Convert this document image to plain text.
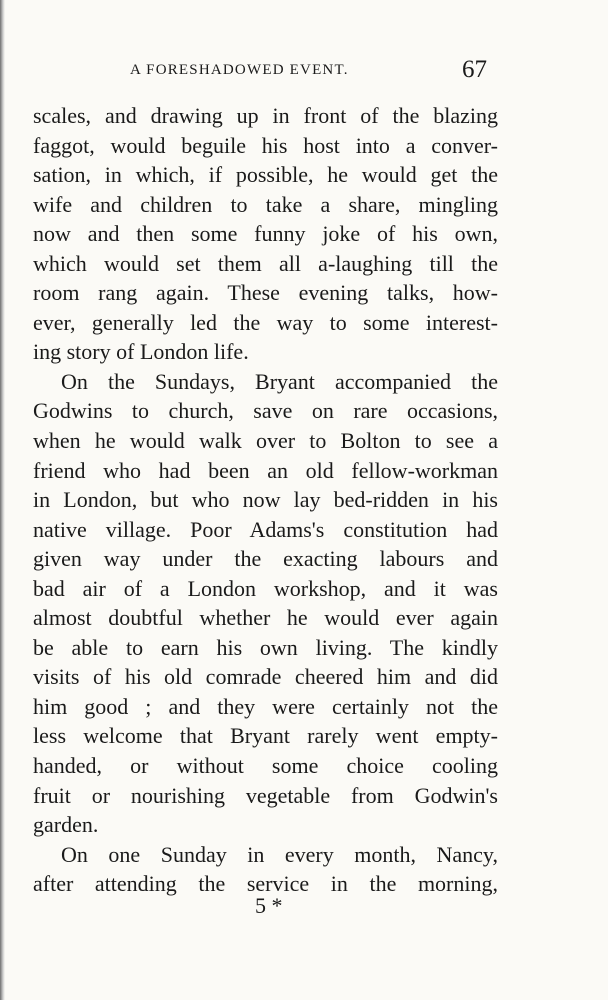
A FORESHADOWED EVENT.	67
scales, and drawing up in front of the blazing
faggot, would beguile his host into a conver-
sation, in which, if possible, he would get the
wife and children to take a share, mingling
now and then some funny joke of his own,
which would set them all a-laughing till the
room rang again. These evening talks, how-
ever, generally led the way to some interest-
ing story of London life.
On the Sundays, Bryant accompanied the
Godwins to church, save on rare occasions,
when he would walk over to Bolton to see a
friend who had been an old fellow-workman
in London, but who now lay bed-ridden in his
native village. Poor Adams's constitution had
given way under the exacting labours and
bad air of a London workshop, and it was
almost doubtful whether he would ever again
be able to earn his own living. The kindly
visits of his old comrade cheered him and did
him good ; and they were certainly not the
less welcome that Bryant rarely went empty-
handed, or without some choice cooling
fruit or nourishing vegetable from Godwin's
garden.
On one Sunday in every month, Nancy,
after attending the service in the morning,
5 *
